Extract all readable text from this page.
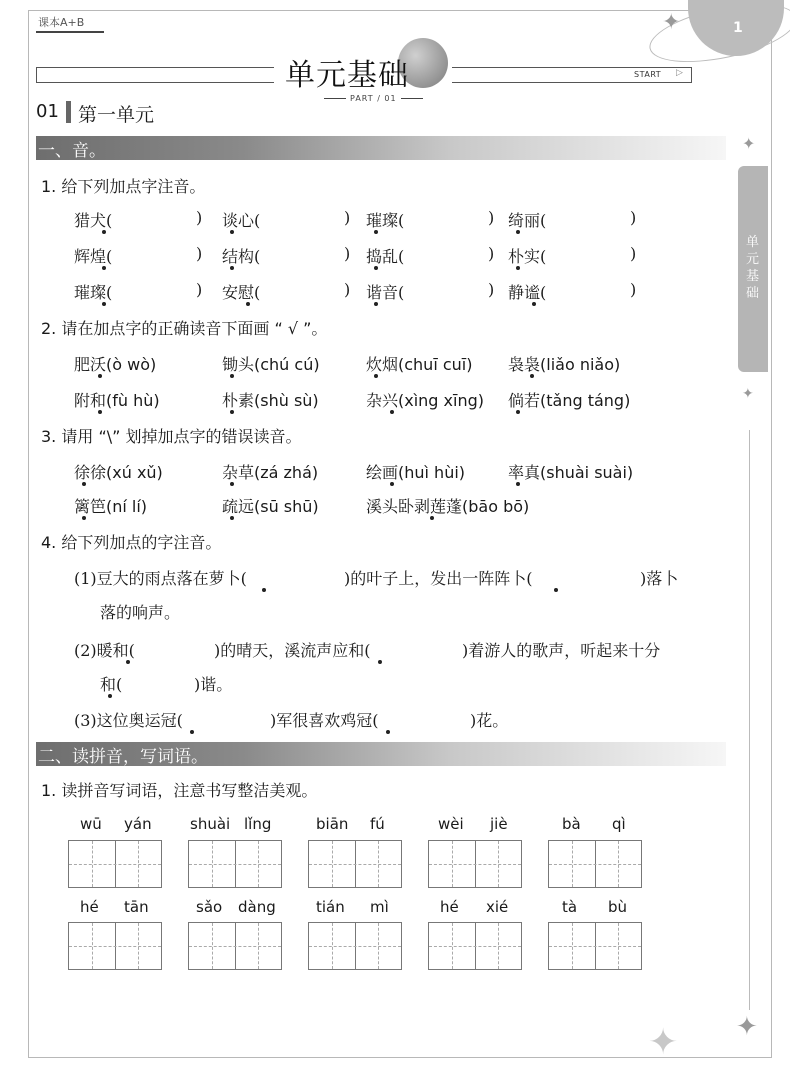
课本A+B	1
✦
✦
✦
✦
✦
单元基础
PART / 01
START ▷
01 第一单元
单元基础
一、音。
1. 给下列加点字注音。
猎犬(	) 谈心(	) 璀璨(	) 绮丽(	)
辉煌(	) 结构(	) 捣乱(	) 朴实(	)
璀璨(	) 安慰(	) 谐音(	) 静谧(	)
2. 请在加点字的正确读音下面画 “ √ ”。
肥沃(ò wò)	锄头(chú cú)	炊烟(chuī cuī) 袅袅(liǎo niǎo)
附和(fù hù)	朴素(shù sù)	杂兴(xìng xīng) 倘若(tǎng táng)
3. 请用 “\” 划掉加点字的错误读音。
徐徐(xú xǔ)	杂草(zá zhá)	绘画(huì hùi)	率真(shuài suài)
篱笆(ní lí)	疏远(sū shū)	溪头卧剥莲蓬(bāo bō)
4. 给下列加点的字注音。
(1)豆大的雨点落在萝卜(	)的叶子上，发出一阵阵卜(	)落卜
落的响声。
(2)暖和(	)的晴天，溪流声应和(	)着游人的歌声，听起来十分
和(	)谐。
(3)这位奥运冠(	)军很喜欢鸡冠(	)花。
二、读拼音，写词语。
1. 读拼音写词语，注意书写整洁美观。
wū yán	shuài lǐng	biān fú	wèi jiè	bà qì
hé tān	sǎo dàng	tián mì	hé xié	tà bù
